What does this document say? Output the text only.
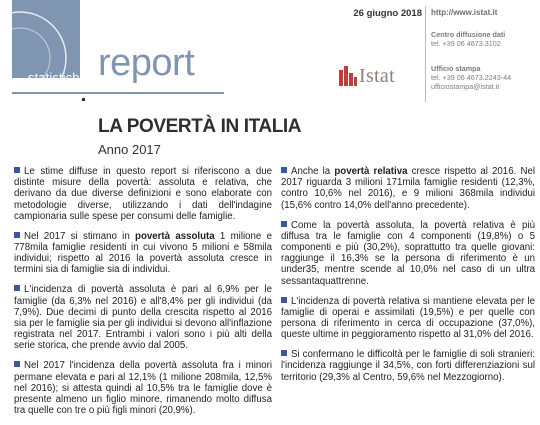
statistiche report	Istat
26 giugno 2018 http://www.istat.it
Centro diffusione dati
tel. +39 06 4673.3102
Ufficio stampa
tel. +39 06 4673.2243-44
ufficiostampa@istat.it
LA POVERTÀ IN ITALIA
Anno 2017

Le stime diffuse in questo report si riferiscono a due distinte misure della povertà: assoluta e relativa, che derivano da due diverse definizioni e sono elaborate con metodologie diverse, utilizzando i dati dell'indagine campionaria sulle spese per consumi delle famiglie.

Nel 2017 si stimano in povertà assoluta 1 milione e 778mila famiglie residenti in cui vivono 5 milioni e 58mila individui; rispetto al 2016 la povertà assoluta cresce in termini sia di famiglie sia di individui.

L'incidenza di povertà assoluta è pari al 6,9% per le famiglie (da 6,3% nel 2016) e all'8,4% per gli individui (da 7,9%). Due decimi di punto della crescita rispetto al 2016 sia per le famiglie sia per gli individui si devono all'inflazione registrata nel 2017. Entrambi i valori sono i più alti della serie storica, che prende avvio dal 2005.

Nel 2017 l'incidenza della povertà assoluta fra i minori permane elevata e pari al 12,1% (1 milione 208mila, 12,5% nel 2016); si attesta quindi al 10,5% tra le famiglie dove è presente almeno un figlio minore, rimanendo molto diffusa tra quelle con tre o più figli minori (20,9%).

Anche la povertà relativa cresce rispetto al 2016. Nel 2017 riguarda 3 milioni 171mila famiglie residenti (12,3%, contro 10,6% nel 2016), e 9 milioni 368mila individui (15,6% contro 14,0% dell'anno precedente).

Come la povertà assoluta, la povertà relativa è più diffusa tra le famiglie con 4 componenti (19,8%) o 5 componenti e più (30,2%), soprattutto tra quelle giovani: raggiunge il 16,3% se la persona di riferimento è un under35, mentre scende al 10,0% nel caso di un ultra sessantaquattrenne.

L'incidenza di povertà relativa si mantiene elevata per le famiglie di operai e assimilati (19,5%) e per quelle con persona di riferimento in cerca di occupazione (37,0%), queste ultime in peggioramento rispetto al 31,0% del 2016.

Si confermano le difficoltà per le famiglie di soli stranieri: l'incidenza raggiunge il 34,5%, con forti differenziazioni sul territorio (29,3% al Centro, 59,6% nel Mezzogiorno).
